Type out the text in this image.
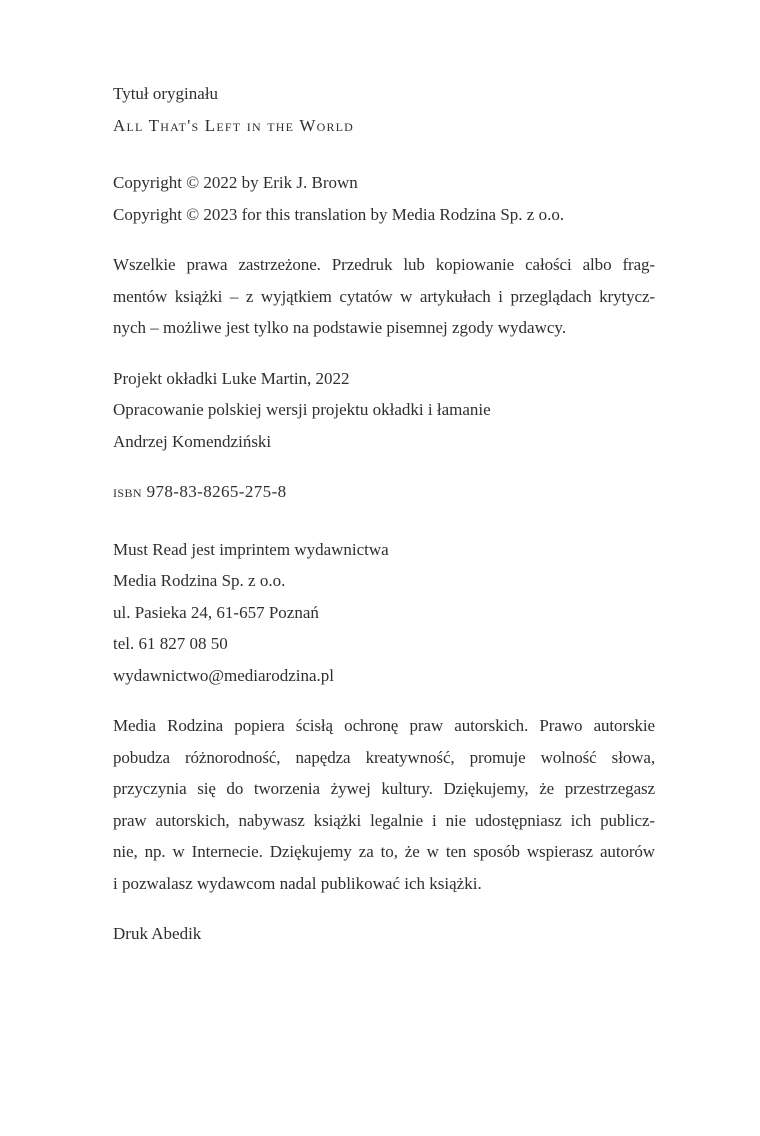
Tytuł oryginału
All That's Left in the World
Copyright © 2022 by Erik J. Brown
Copyright © 2023 for this translation by Media Rodzina Sp. z o.o.
Wszelkie prawa zastrzeżone. Przedruk lub kopiowanie całości albo frag-
mentów książki – z wyjątkiem cytatów w artykułach i przeglądach krytycz-
nych – możliwe jest tylko na podstawie pisemnej zgody wydawcy.
Projekt okładki Luke Martin, 2022
Opracowanie polskiej wersji projektu okładki i łamanie
Andrzej Komendziński
isbn 978-83-8265-275-8
Must Read jest imprintem wydawnictwa
Media Rodzina Sp. z o.o.
ul. Pasieka 24, 61-657 Poznań
tel. 61 827 08 50
wydawnictwo@mediarodzina.pl
Media Rodzina popiera ścisłą ochronę praw autorskich. Prawo autorskie
pobudza różnorodność, napędza kreatywność, promuje wolność słowa,
przyczynia się do tworzenia żywej kultury. Dziękujemy, że przestrzegasz
praw autorskich, nabywasz książki legalnie i nie udostępniasz ich publicz-
nie, np. w Internecie. Dziękujemy za to, że w ten sposób wspierasz autorów
i pozwalasz wydawcom nadal publikować ich książki.
Druk Abedik
